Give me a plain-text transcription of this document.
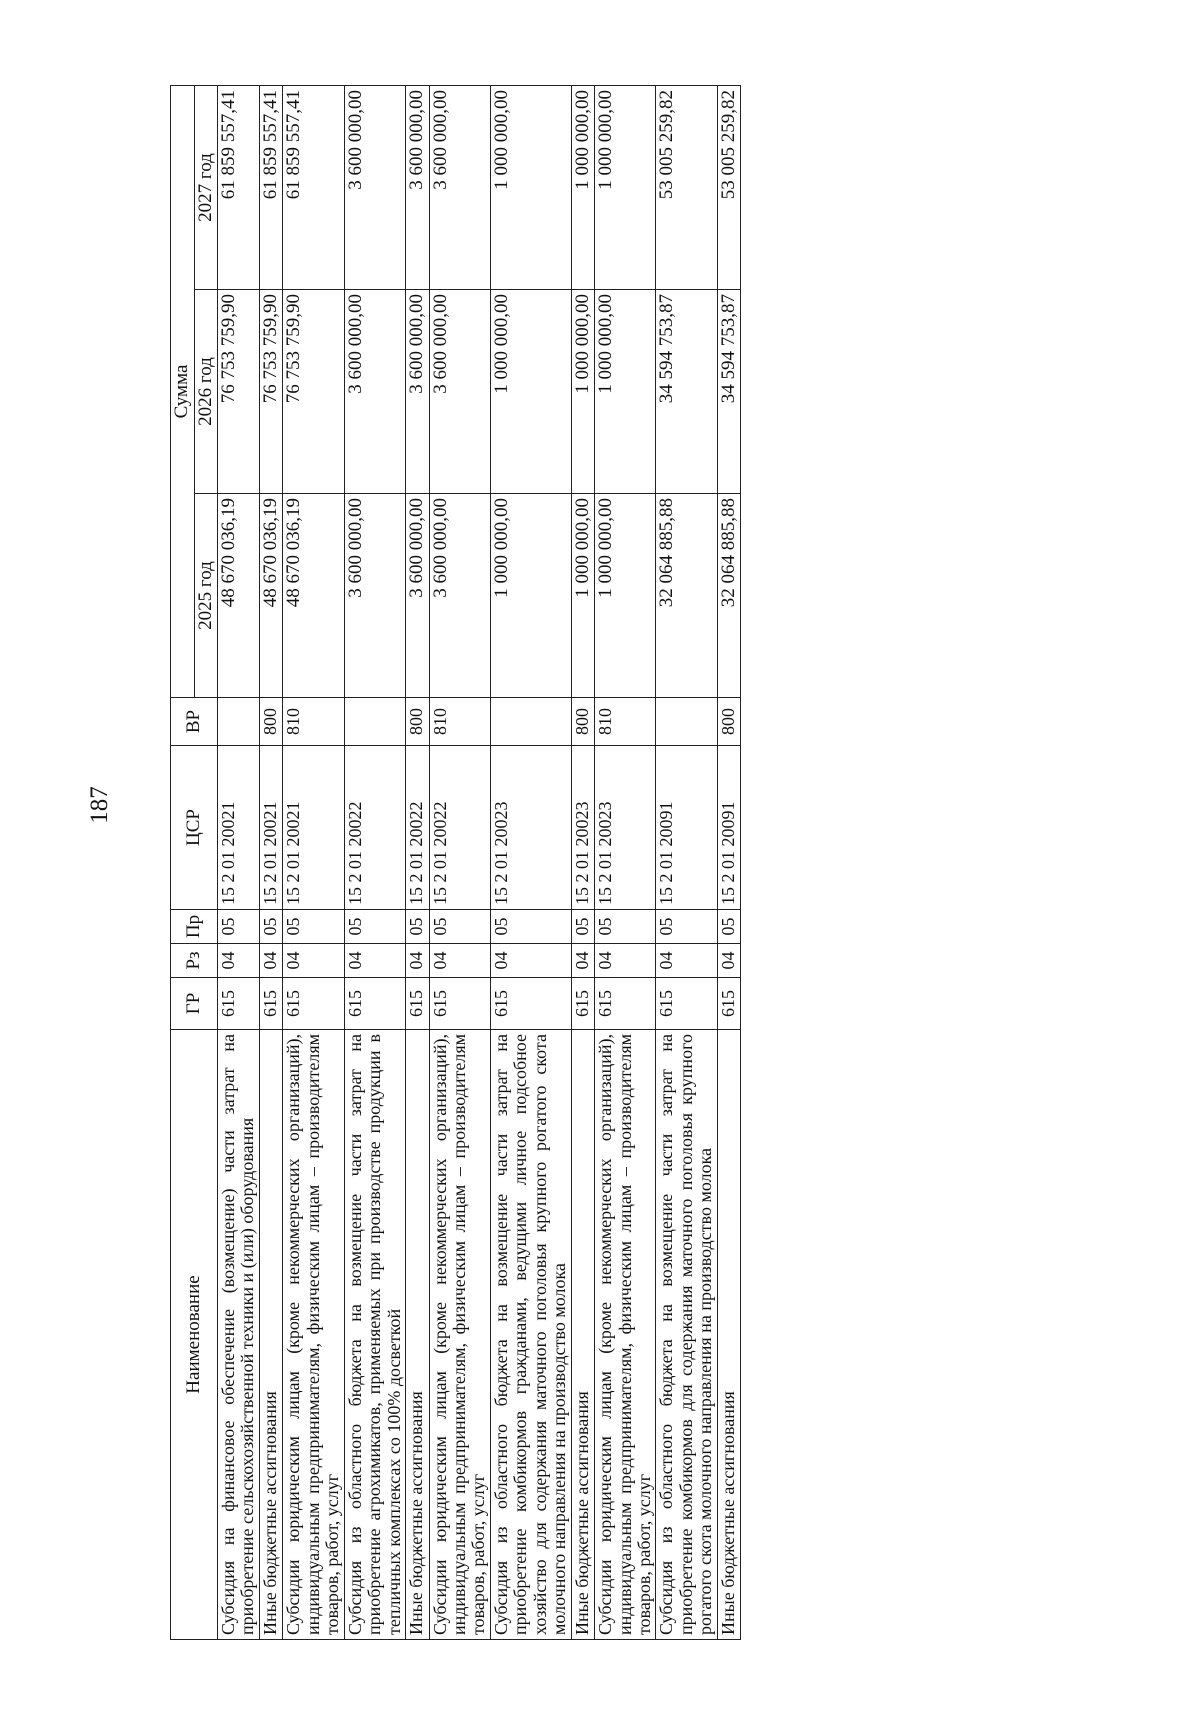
187
Наименование	ГР	Рз	Пр	ЦСР	ВР	Сумма		
						2025 год	2026 год	2027 год
Субсидия на финансовое обеспечение (возмещение) части затрат на приобретение сельскохозяйственной техники и (или) оборудования	615	04	05	15 2 01 20021		48 670 036,19	76 753 759,90	61 859 557,41
Иные бюджетные ассигнования	615	04	05	15 2 01 20021	800	48 670 036,19	76 753 759,90	61 859 557,41
Субсидии юридическим лицам (кроме некоммерческих организаций), индивидуальным предпринимателям, физическим лицам – производителям товаров, работ, услуг	615	04	05	15 2 01 20021	810	48 670 036,19	76 753 759,90	61 859 557,41
Субсидия из областного бюджета на возмещение части затрат на приобретение агрохимикатов, применяемых при производстве продукции в тепличных комплексах со 100% досветкой	615	04	05	15 2 01 20022		3 600 000,00	3 600 000,00	3 600 000,00
Иные бюджетные ассигнования	615	04	05	15 2 01 20022	800	3 600 000,00	3 600 000,00	3 600 000,00
Субсидии юридическим лицам (кроме некоммерческих организаций), индивидуальным предпринимателям, физическим лицам – производителям товаров, работ, услуг	615	04	05	15 2 01 20022	810	3 600 000,00	3 600 000,00	3 600 000,00
Субсидия из областного бюджета на возмещение части затрат на приобретение комбикормов гражданами, ведущими личное подсобное хозяйство для содержания маточного поголовья крупного рогатого скота молочного направления на производство молока	615	04	05	15 2 01 20023		1 000 000,00	1 000 000,00	1 000 000,00
Иные бюджетные ассигнования	615	04	05	15 2 01 20023	800	1 000 000,00	1 000 000,00	1 000 000,00
Субсидии юридическим лицам (кроме некоммерческих организаций), индивидуальным предпринимателям, физическим лицам – производителям товаров, работ, услуг	615	04	05	15 2 01 20023	810	1 000 000,00	1 000 000,00	1 000 000,00
Субсидия из областного бюджета на возмещение части затрат на приобретение комбикормов для содержания маточного поголовья крупного рогатого скота молочного направления на производство молока	615	04	05	15 2 01 20091		32 064 885,88	34 594 753,87	53 005 259,82
Иные бюджетные ассигнования	615	04	05	15 2 01 20091	800	32 064 885,88	34 594 753,87	53 005 259,82
